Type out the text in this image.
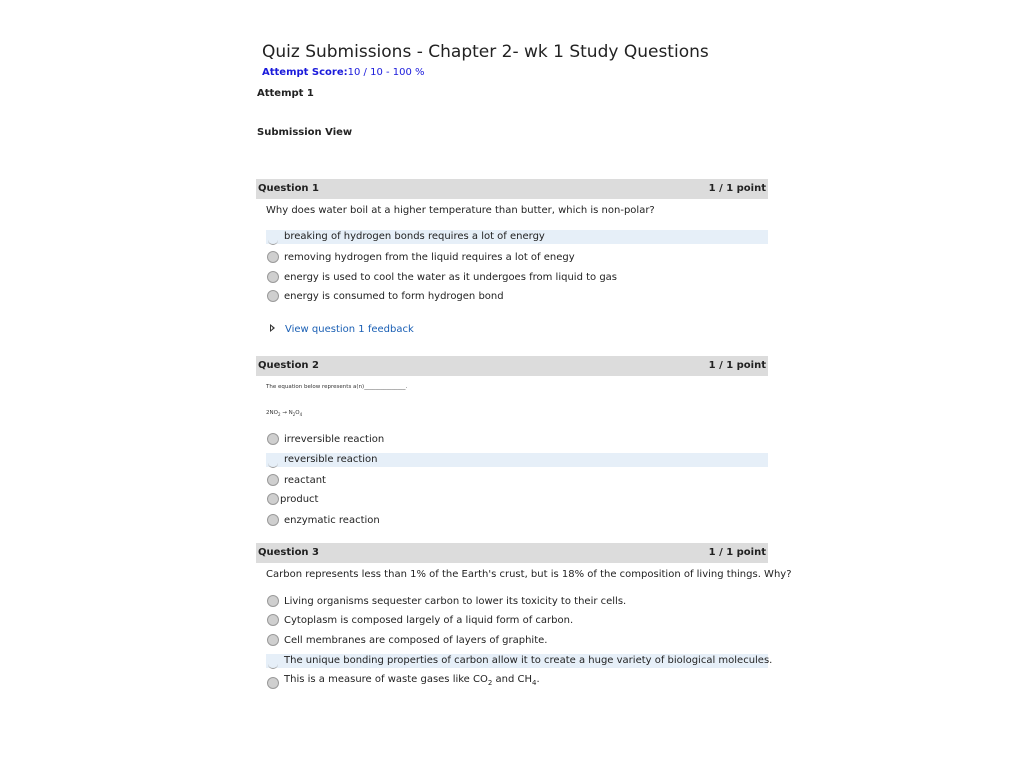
Quiz Submissions - Chapter 2- wk 1 Study Questions
Attempt Score:10 / 10 - 100 %
Attempt 1
Submission View
Question 1	1 / 1 point
Why does water boil at a higher temperature than butter, which is non-polar?
breaking of hydrogen bonds requires a lot of energy
removing hydrogen from the liquid requires a lot of enegy
energy is used to cool the water as it undergoes from liquid to gas
energy is consumed to form hydrogen bond
View question 1 feedback
Question 2	1 / 1 point
The equation below represents a(n)_______________.
$2NO_2 \to N_2O_4$
irreversible reaction
reversible reaction
reactant
product
enzymatic reaction
Question 3	1 / 1 point
Carbon represents less than 1% of the Earth's crust, but is 18% of the composition of living things. Why?
Living organisms sequester carbon to lower its toxicity to their cells.
Cytoplasm is composed largely of a liquid form of carbon.
Cell membranes are composed of layers of graphite.
The unique bonding properties of carbon allow it to create a huge variety of biological molecules.
This is a measure of waste gases like $CO_2$ and $CH_4$.
